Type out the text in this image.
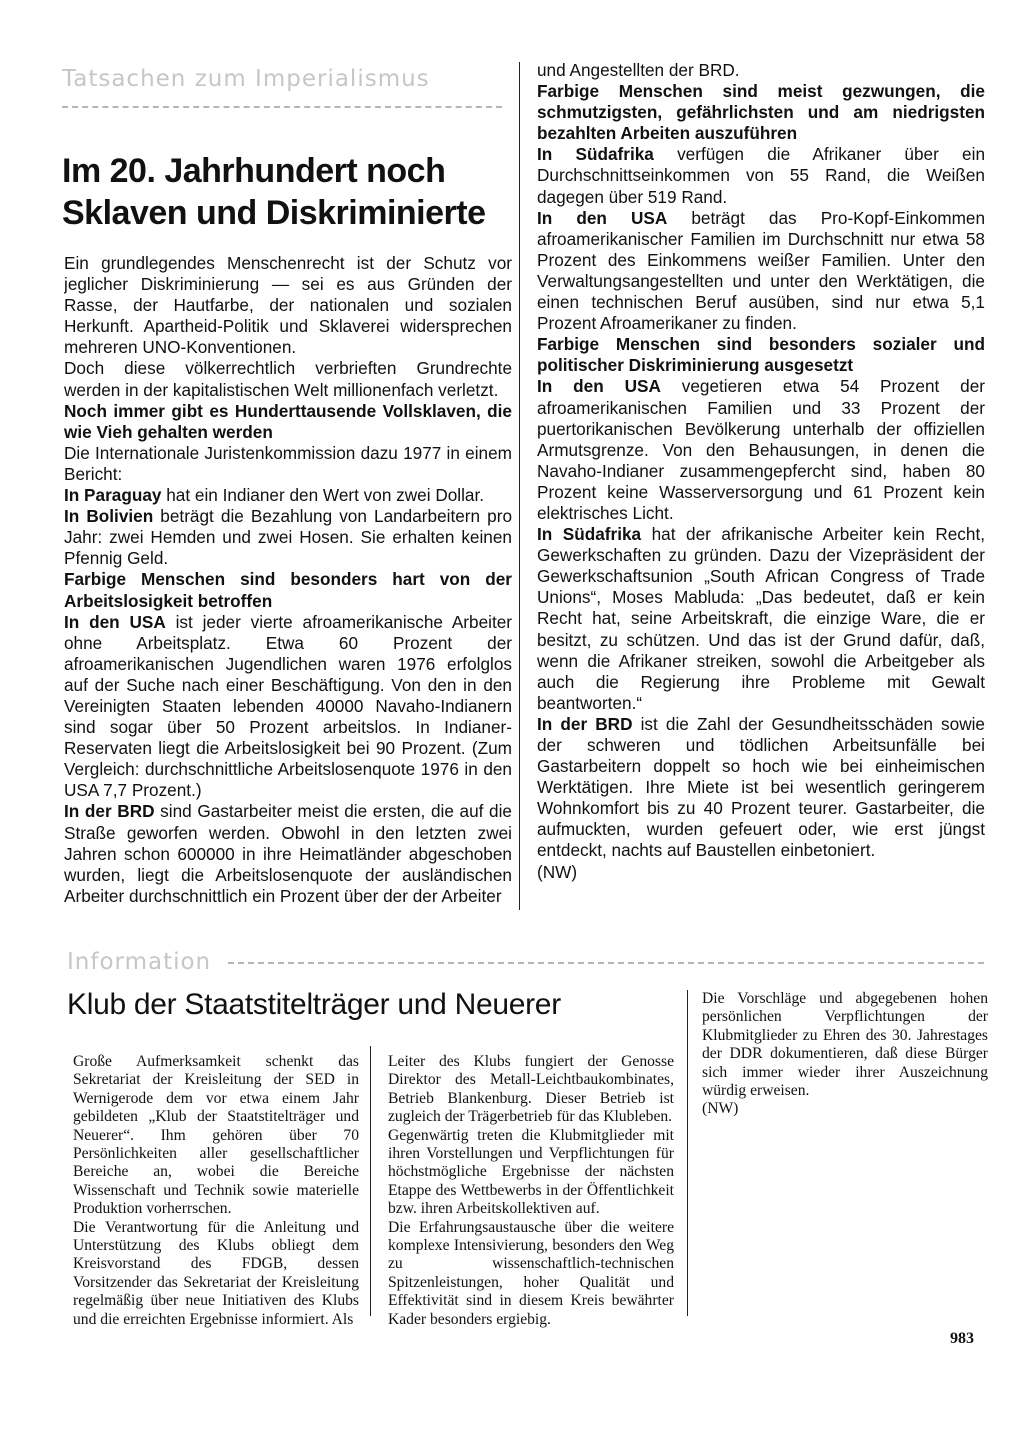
Tatsachen zum Imperialismus
Im 20. Jahrhundert noch
Sklaven und Diskriminierte

Ein grundlegendes Menschenrecht ist der Schutz vor jeglicher Diskriminierung — sei es aus Gründen der Rasse, der Hautfarbe, der nationalen und sozialen Herkunft. Apartheid-Politik und Sklaverei widersprechen mehreren UNO-Konventionen.

Doch diese völkerrechtlich verbrieften Grundrechte werden in der kapitalistischen Welt millionenfach verletzt.

Noch immer gibt es Hunderttausende Vollsklaven, die wie Vieh gehalten werden

Die Internationale Juristenkommission dazu 1977 in einem Bericht:

In Paraguay hat ein Indianer den Wert von zwei Dollar.

In Bolivien beträgt die Bezahlung von Landarbeitern pro Jahr: zwei Hemden und zwei Hosen. Sie erhalten keinen Pfennig Geld.

Farbige Menschen sind besonders hart von der Arbeitslosigkeit betroffen

In den USA ist jeder vierte afroamerikanische Arbeiter ohne Arbeitsplatz. Etwa 60 Prozent der afroamerikanischen Jugendlichen waren 1976 erfolglos auf der Suche nach einer Beschäftigung. Von den in den Vereinigten Staaten lebenden 40000 Navaho-Indianern sind sogar über 50 Prozent arbeitslos. In Indianer-Reservaten liegt die Arbeitslosigkeit bei 90 Prozent. (Zum Vergleich: durchschnittliche Arbeitslosenquote 1976 in den USA 7,7 Prozent.)

In der BRD sind Gastarbeiter meist die ersten, die auf die Straße geworfen werden. Obwohl in den letzten zwei Jahren schon 600000 in ihre Heimatländer abgeschoben wurden, liegt die Arbeitslosenquote der ausländischen Arbeiter durchschnittlich ein Prozent über der der Arbeiter

und Angestellten der BRD.

Farbige Menschen sind meist gezwungen, die schmutzigsten, gefährlichsten und am niedrigsten bezahlten Arbeiten auszuführen

In Südafrika verfügen die Afrikaner über ein Durchschnittseinkommen von 55 Rand, die Weißen dagegen über 519 Rand.

In den USA beträgt das Pro-Kopf-Einkommen afroamerikanischer Familien im Durchschnitt nur etwa 58 Prozent des Einkommens weißer Familien. Unter den Verwaltungsangestellten und unter den Werktätigen, die einen technischen Beruf ausüben, sind nur etwa 5,1 Prozent Afroamerikaner zu finden.

Farbige Menschen sind besonders sozialer und politischer Diskriminierung ausgesetzt

In den USA vegetieren etwa 54 Prozent der afroamerikanischen Familien und 33 Prozent der puertorikanischen Bevölkerung unterhalb der offiziellen Armutsgrenze. Von den Behausungen, in denen die Navaho-Indianer zusammengepfercht sind, haben 80 Prozent keine Wasserversorgung und 61 Prozent kein elektrisches Licht.

In Südafrika hat der afrikanische Arbeiter kein Recht, Gewerkschaften zu gründen. Dazu der Vizepräsident der Gewerkschaftsunion „South African Congress of Trade Unions“, Moses Mabluda: „Das bedeutet, daß er kein Recht hat, seine Arbeitskraft, die einzige Ware, die er besitzt, zu schützen. Und das ist der Grund dafür, daß, wenn die Afrikaner streiken, sowohl die Arbeitgeber als auch die Regierung ihre Probleme mit Gewalt beantworten.“

In der BRD ist die Zahl der Gesundheitsschäden sowie der schweren und tödlichen Arbeitsunfälle bei Gastarbeitern doppelt so hoch wie bei einheimischen Werktätigen. Ihre Miete ist bei wesentlich geringerem Wohnkomfort bis zu 40 Prozent teurer. Gastarbeiter, die aufmuckten, wurden gefeuert oder, wie erst jüngst entdeckt, nachts auf Baustellen einbetoniert.

(NW)

Information
Klub der Staatstitelträger und Neuerer

Große Aufmerksamkeit schenkt das Sekretariat der Kreisleitung der SED in Wernigerode dem vor etwa einem Jahr gebildeten „Klub der Staatstitelträger und Neuerer“. Ihm gehören über 70 Persönlichkeiten aller gesellschaftlicher Bereiche an, wobei die Bereiche Wissenschaft und Technik sowie materielle Produktion vorherrschen.

Die Verantwortung für die Anleitung und Unterstützung des Klubs obliegt dem Kreisvorstand des FDGB, dessen Vorsitzender das Sekretariat der Kreisleitung regelmäßig über neue Initiativen des Klubs und die erreichten Ergebnisse informiert. Als

Leiter des Klubs fungiert der Genosse Direktor des Metall-Leichtbaukombinates, Betrieb Blankenburg. Dieser Betrieb ist zugleich der Trägerbetrieb für das Klubleben.

Gegenwärtig treten die Klubmitglieder mit ihren Vorstellungen und Verpflichtungen für höchstmögliche Ergebnisse der nächsten Etappe des Wettbewerbs in der Öffentlichkeit bzw. ihren Arbeitskollektiven auf.

Die Erfahrungsaustausche über die weitere komplexe Intensivierung, besonders den Weg zu wissenschaftlich-technischen Spitzenleistungen, hoher Qualität und Effektivität sind in diesem Kreis bewährter Kader besonders ergiebig.

Die Vorschläge und abgegebenen hohen persönlichen Verpflichtungen der Klubmitglieder zu Ehren des 30. Jahrestages der DDR dokumentieren, daß diese Bürger sich immer wieder ihrer Auszeichnung würdig erweisen.

(NW)

983
